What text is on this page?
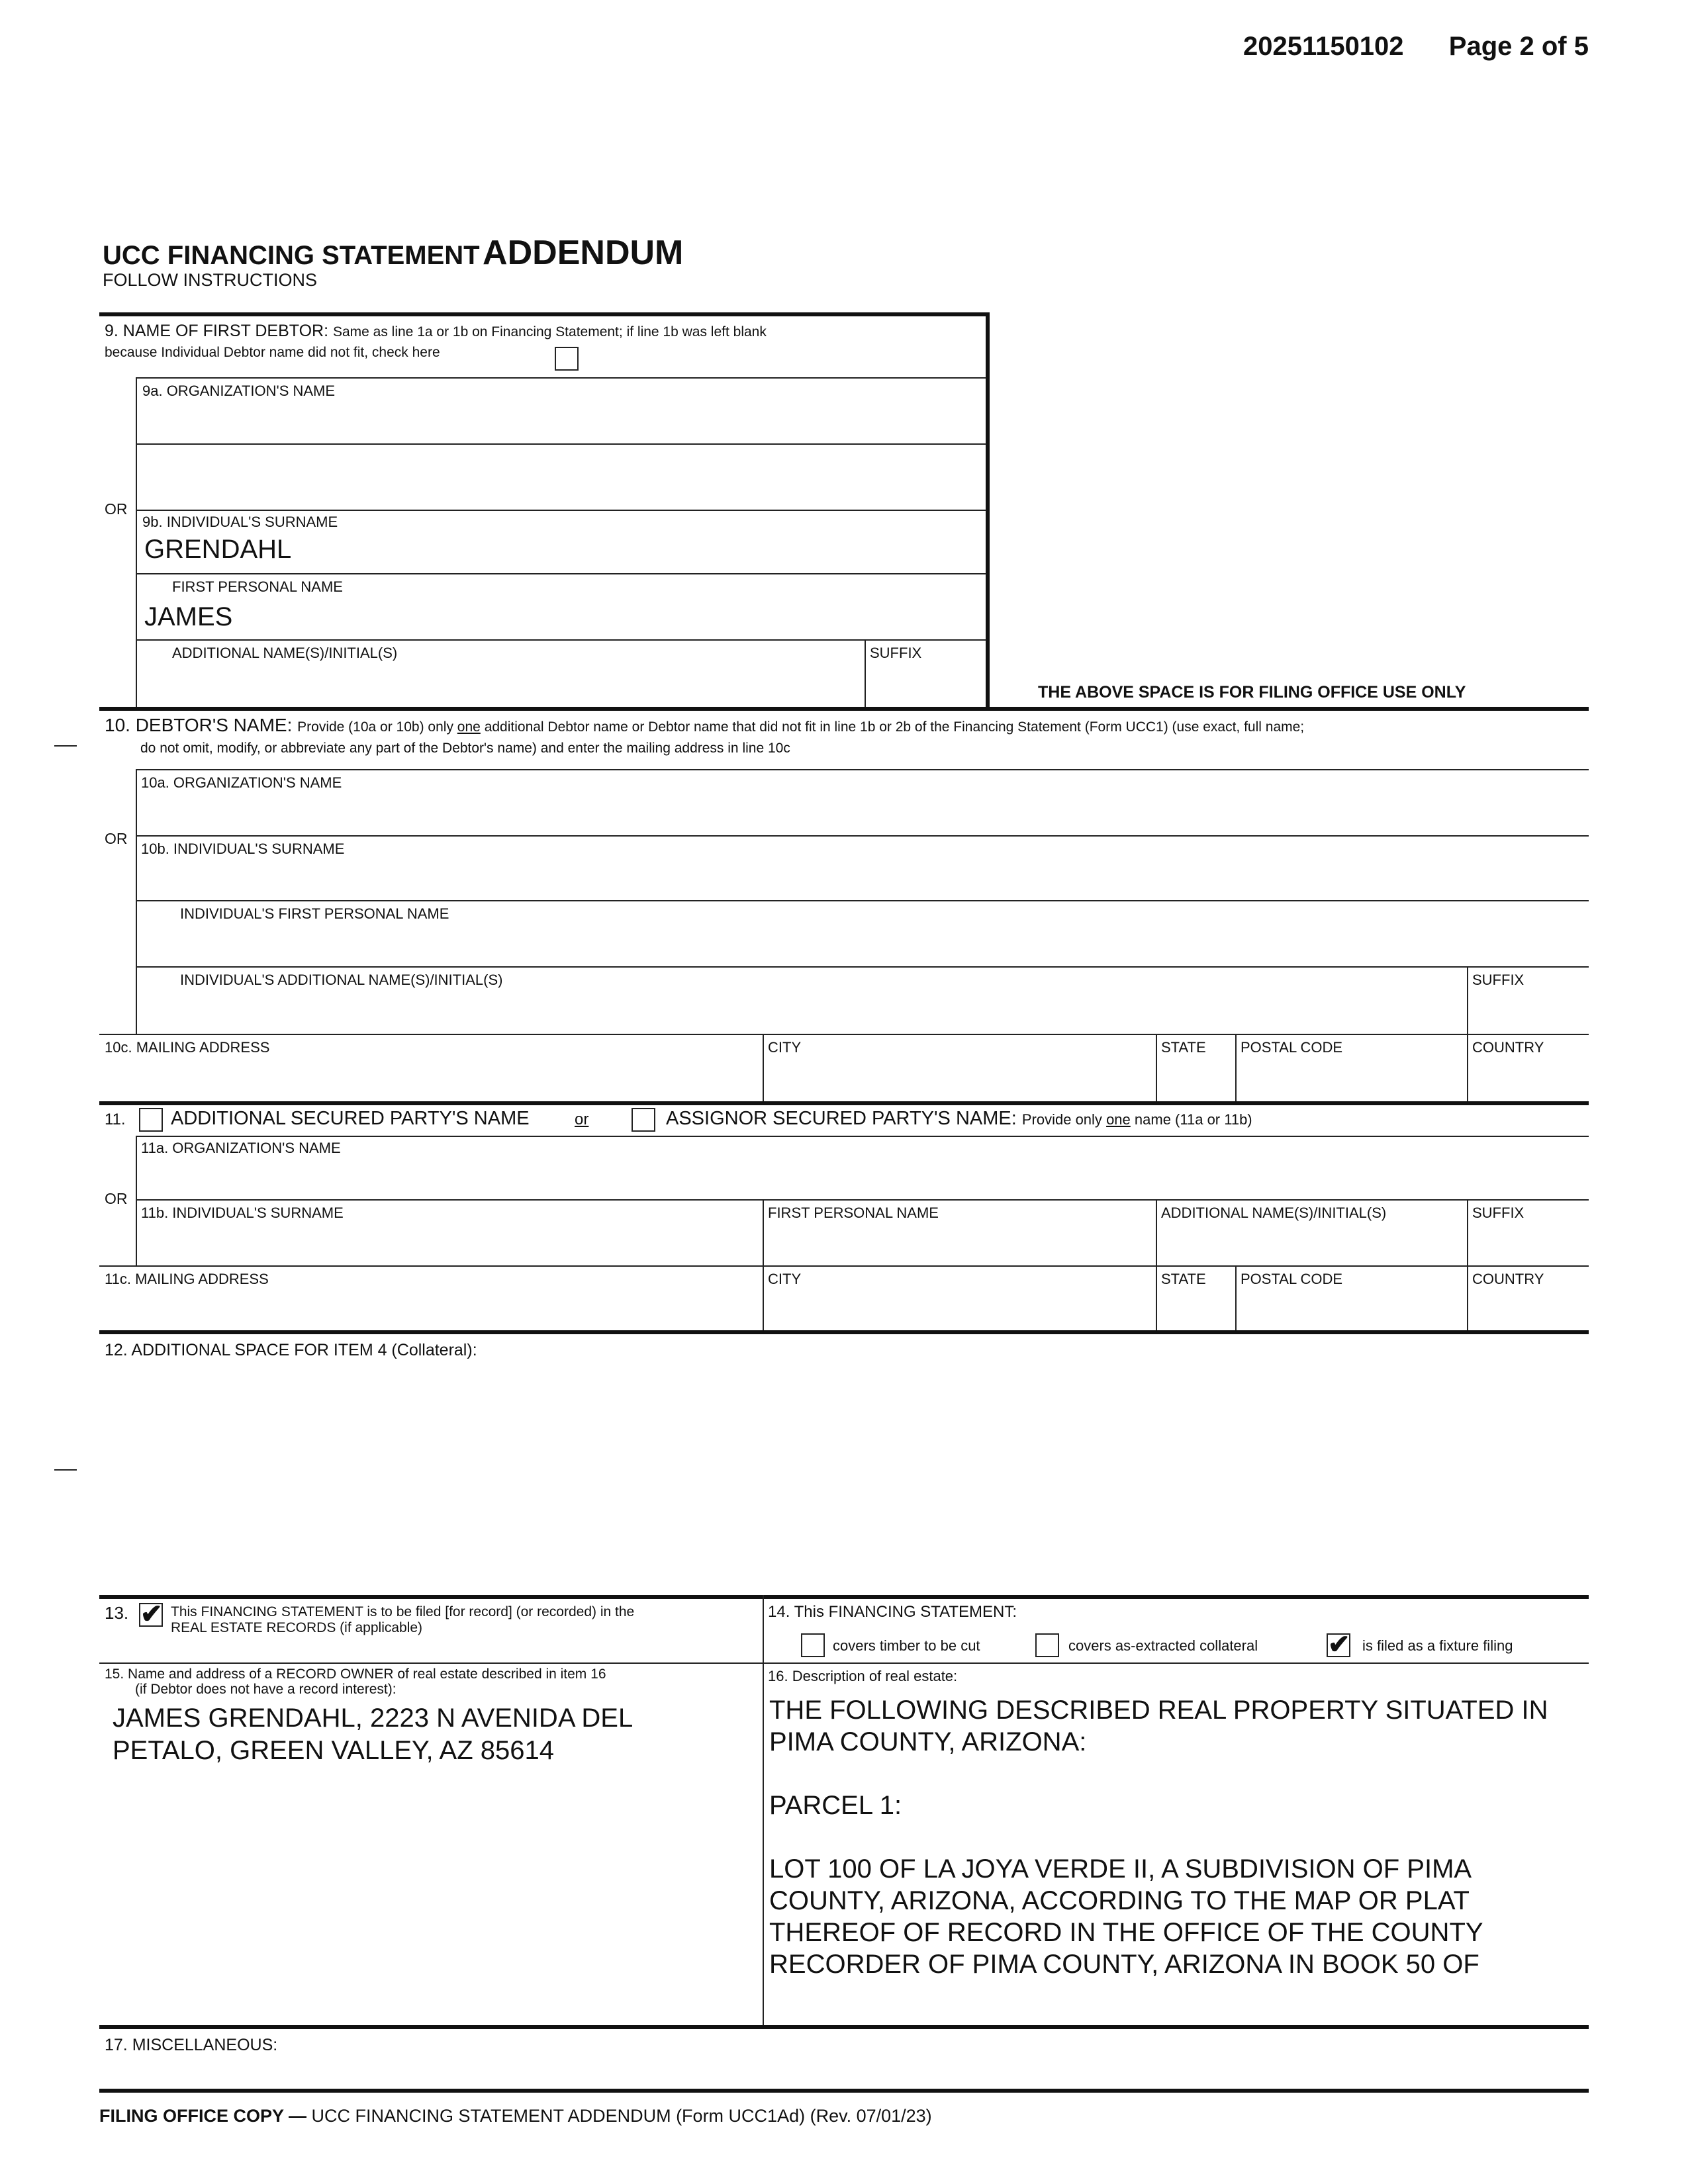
20251150102 Page 2 of 5
UCC FINANCING STATEMENT ADDENDUM
FOLLOW INSTRUCTIONS
9. NAME OF FIRST DEBTOR: Same as line 1a or 1b on Financing Statement; if line 1b was left blank
because Individual Debtor name did not fit, check here
9a. ORGANIZATION'S NAME
OR
9b. INDIVIDUAL'S SURNAME
GRENDAHL
FIRST PERSONAL NAME
JAMES
ADDITIONAL NAME(S)/INITIAL(S)	SUFFIX
THE ABOVE SPACE IS FOR FILING OFFICE USE ONLY
10. DEBTOR'S NAME: Provide (10a or 10b) only one additional Debtor name or Debtor name that did not fit in line 1b or 2b of the Financing Statement (Form UCC1) (use exact, full name;
do not omit, modify, or abbreviate any part of the Debtor's name) and enter the mailing address in line 10c
10a. ORGANIZATION'S NAME
OR
10b. INDIVIDUAL'S SURNAME
INDIVIDUAL'S FIRST PERSONAL NAME
INDIVIDUAL'S ADDITIONAL NAME(S)/INITIAL(S)	SUFFIX
10c. MAILING ADDRESS	CITY	STATE POSTAL CODE	COUNTRY
11. ADDITIONAL SECURED PARTY'S NAME	or	ASSIGNOR SECURED PARTY'S NAME: Provide only one name (11a or 11b)
11a. ORGANIZATION'S NAME
OR
11b. INDIVIDUAL'S SURNAME	FIRST PERSONAL NAME	ADDITIONAL NAME(S)/INITIAL(S)	SUFFIX
11c. MAILING ADDRESS	CITY	STATE POSTAL CODE	COUNTRY
12. ADDITIONAL SPACE FOR ITEM 4 (Collateral):
13. ✔ This FINANCING STATEMENT is to be filed [for record] (or recorded) in the
REAL ESTATE RECORDS (if applicable)
14. This FINANCING STATEMENT:
covers timber to be cut	covers as-extracted collateral	✔ is filed as a fixture filing
15. Name and address of a RECORD OWNER of real estate described in item 16
(if Debtor does not have a record interest):
JAMES GRENDAHL, 2223 N AVENIDA DEL
PETALO, GREEN VALLEY, AZ 85614
16. Description of real estate:
THE FOLLOWING DESCRIBED REAL PROPERTY SITUATED IN
PIMA COUNTY, ARIZONA:
PARCEL 1:
LOT 100 OF LA JOYA VERDE II, A SUBDIVISION OF PIMA
COUNTY, ARIZONA, ACCORDING TO THE MAP OR PLAT
THEREOF OF RECORD IN THE OFFICE OF THE COUNTY
RECORDER OF PIMA COUNTY, ARIZONA IN BOOK 50 OF
17. MISCELLANEOUS:
FILING OFFICE COPY — UCC FINANCING STATEMENT ADDENDUM (Form UCC1Ad) (Rev. 07/01/23)
